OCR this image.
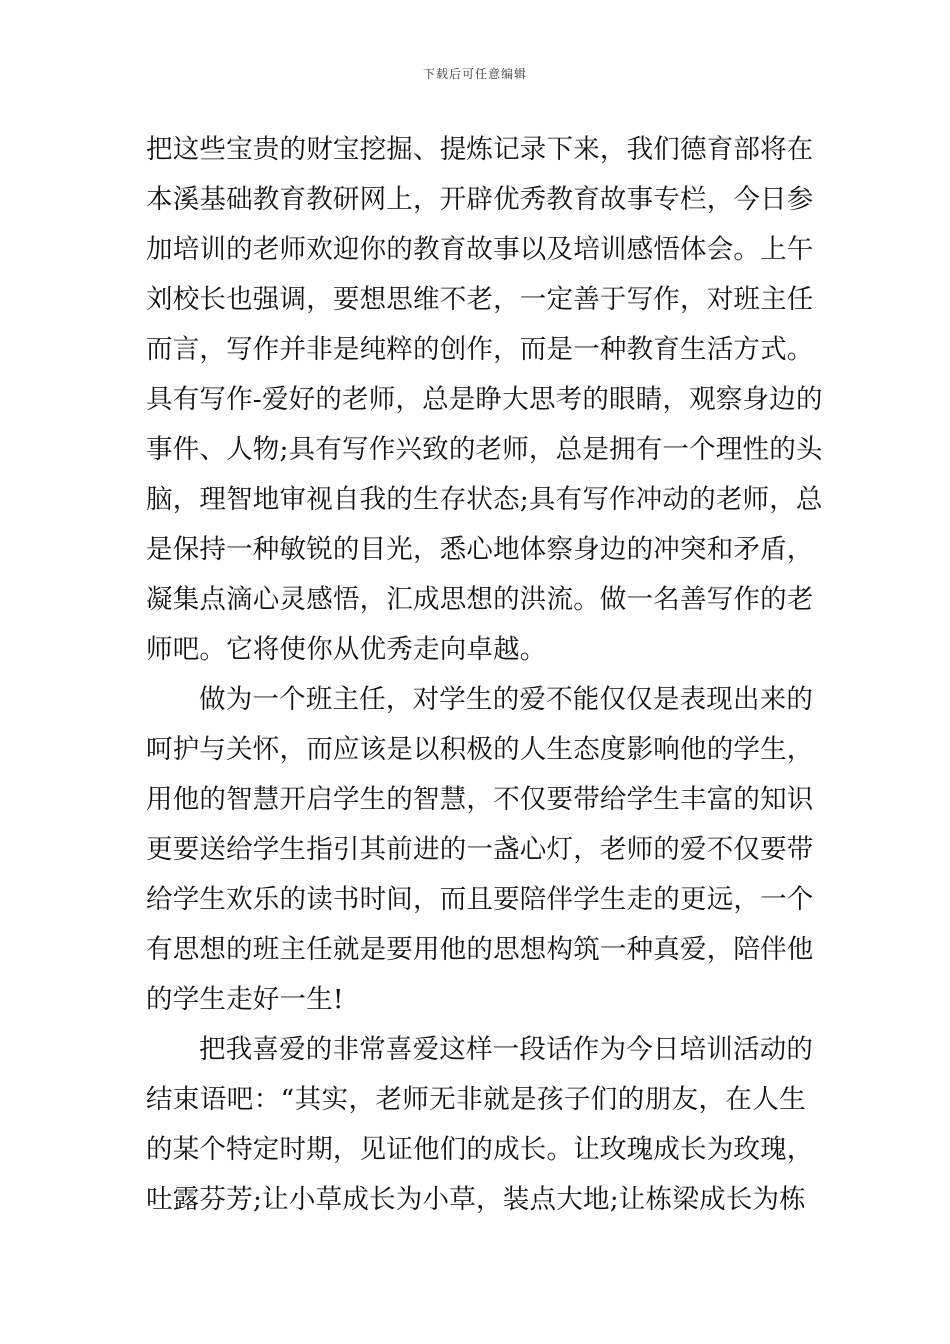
下载后可任意编辑
把这些宝贵的财宝挖掘、提炼记录下来，我们德育部将在
本溪基础教育教研网上，开辟优秀教育故事专栏，今日参
加培训的老师欢迎你的教育故事以及培训感悟体会。上午
刘校长也强调，要想思维不老，一定善于写作，对班主任
而言，写作并非是纯粹的创作，而是一种教育生活方式。
具有写作-爱好的老师，总是睁大思考的眼睛，观察身边的
事件、人物;具有写作兴致的老师，总是拥有一个理性的头
脑，理智地审视自我的生存状态;具有写作冲动的老师，总
是保持一种敏锐的目光，悉心地体察身边的冲突和矛盾，
凝集点滴心灵感悟，汇成思想的洪流。做一名善写作的老
师吧。它将使你从优秀走向卓越。
做为一个班主任，对学生的爱不能仅仅是表现出来的
呵护与关怀，而应该是以积极的人生态度影响他的学生，
用他的智慧开启学生的智慧，不仅要带给学生丰富的知识
更要送给学生指引其前进的一盏心灯，老师的爱不仅要带
给学生欢乐的读书时间，而且要陪伴学生走的更远，一个
有思想的班主任就是要用他的思想构筑一种真爱，陪伴他
的学生走好一生!
把我喜爱的非常喜爱这样一段话作为今日培训活动的
结束语吧：“其实，老师无非就是孩子们的朋友，在人生
的某个特定时期，见证他们的成长。让玫瑰成长为玫瑰，
吐露芬芳;让小草成长为小草，装点大地;让栋梁成长为栋
